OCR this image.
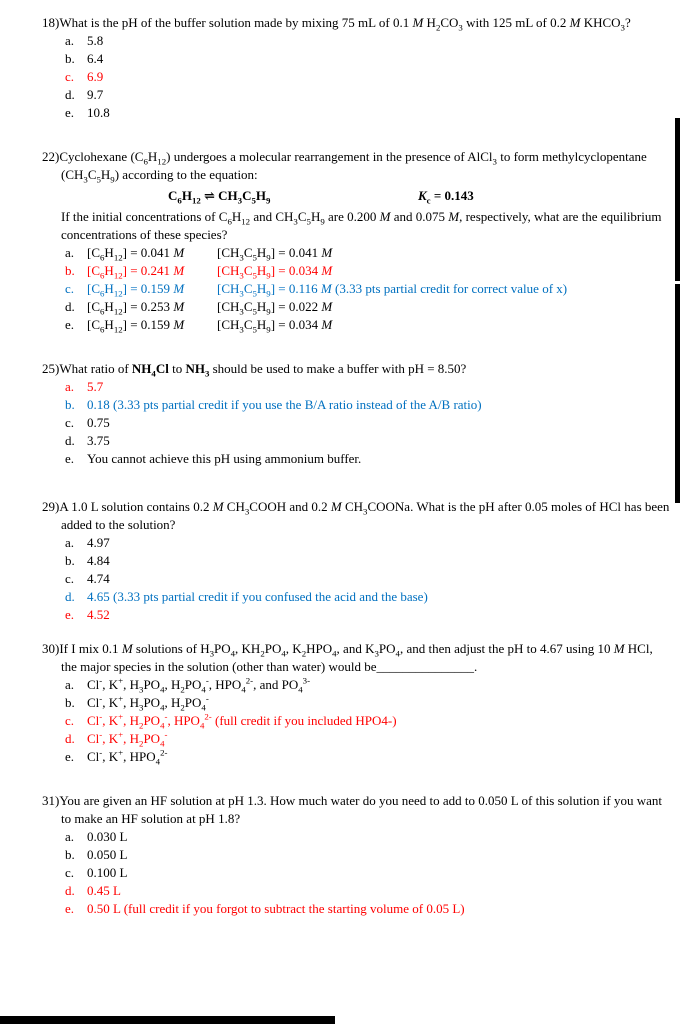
18)What is the pH of the buffer solution made by mixing 75 mL of 0.1 M $H_2CO_3$ with 125 mL of 0.2 M $KHCO_3$?

a. 5.8
b. 6.4
c. 6.9
d. 9.7
e. 10.8

22)Cyclohexane $(C_6H_{12})$ undergoes a molecular rearrangement in the presence of AlCl$_3$ to form methylcyclopentane $(CH_3C_5H_9)$ according to the equation:

$C_6H_{12}$ ⇌ $CH_3C_5H_9$	$K_c = 0.143$

If the initial concentrations of $C_6H_{12}$ and $CH_3C_5H_9$ are 0.200 M and 0.075 M, respectively, what are the equilibrium concentrations of these species?

a. $[C_6H_{12}] = 0.041$ M	$[CH_3C_5H_9] = 0.041$ M
b. $[C_6H_{12}] = 0.241$ M	$[CH_3C_5H_9] = 0.034$ M
c. $[C_6H_{12}] = 0.159$ M	$[CH_3C_5H_9] = 0.116$ M (3.33 pts partial credit for correct value of x)
d. $[C_6H_{12}] = 0.253$ M	$[CH_3C_5H_9] = 0.022$ M
e. $[C_6H_{12}] = 0.159$ M	$[CH_3C_5H_9] = 0.034$ M

25)What ratio of $NH_4Cl$ to $NH_3$ should be used to make a buffer with pH = 8.50?

a. 5.7
b. 0.18 (3.33 pts partial credit if you use the B/A ratio instead of the A/B ratio)
c. 0.75
d. 3.75
e. You cannot achieve this pH using ammonium buffer.

29)A 1.0 L solution contains 0.2 M $CH_3COOH$ and 0.2 M $CH_3COONa$. What is the pH after 0.05 moles of HCl has been added to the solution?

a. 4.97
b. 4.84
c. 4.74
d. 4.65 (3.33 pts partial credit if you confused the acid and the base)
e. 4.52

30)If I mix 0.1 M solutions of $H_3PO_4$, $KH_2PO_4$, $K_2HPO_4$, and $K_3PO_4$, and then adjust the pH to 4.67 using 10 M HCl, the major species in the solution (other than water) would be_______________.

a. Cl-, K+, $H_3PO_4$, $H_2PO_4^-$, $HPO_4^{2-}$, and $PO_4^{3-}$
b. Cl-, K+, $H_3PO_4$, $H_2PO_4^-$
c. Cl-, K+, $H_2PO_4^-$, $HPO_4^{2-}$ (full credit if you included HPO4-)
d. Cl-, K+, $H_2PO_4^-$
e. Cl-, K+, $HPO_4^{2-}$

31)You are given an HF solution at pH 1.3. How much water do you need to add to 0.050 L of this solution if you want to make an HF solution at pH 1.8?

a. 0.030 L
b. 0.050 L
c. 0.100 L
d. 0.45 L
e. 0.50 L (full credit if you forgot to subtract the starting volume of 0.05 L)
